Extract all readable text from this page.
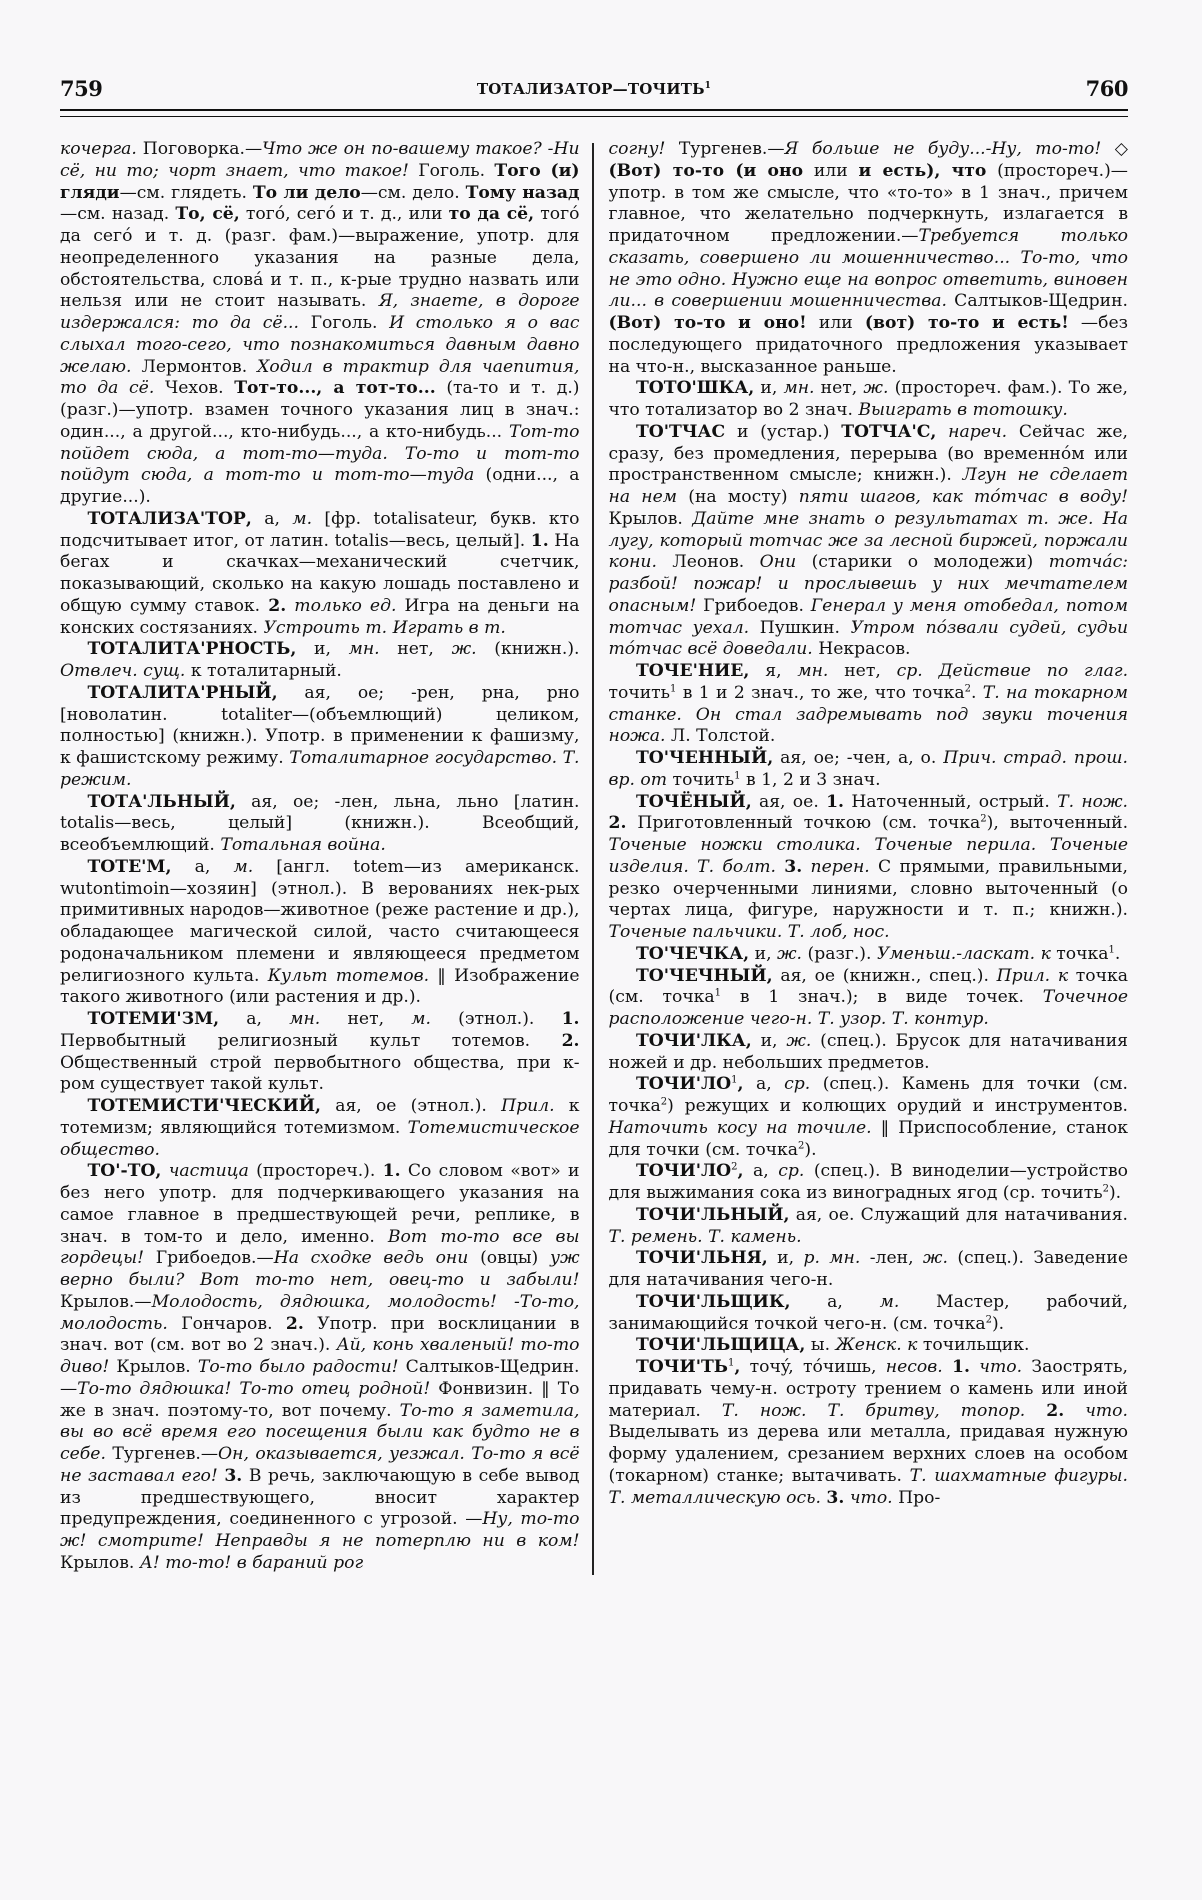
759	ТОТАЛИЗАТОР—ТОЧИТЬ$^1$	760

кочерга. Поговорка.—Что же он по-вашему такое? -Ни сё, ни то; чорт знает, что такое! Гоголь. Того (и) гляди—см. глядеть. То ли дело—см. дело. Тому назад—см. назад. То, сё, тогó, сегó и т. д., или то да сё, тогó да сегó и т. д. (разг. фам.)—выражение, употр. для неопределенного указания на разные дела, обстоятельства, словá и т. п., к-рые трудно назвать или нельзя или не стоит называть. Я, знаете, в дороге издержался: то да сё... Гоголь. И столько я о вас слыхал того-сего, что познакомиться давным давно желаю. Лермонтов. Ходил в трактир для чаепития, то да сё. Чехов. Тот-то..., а тот-то... (та-то и т. д.) (разг.)—употр. взамен точного указания лиц в знач.: один..., а другой..., кто-нибудь..., а кто-нибудь... Тот-то пойдет сюда, а тот-то—туда. То-то и тот-то пойдут сюда, а тот-то и тот-то—туда (одни..., а другие...).

ТОТАЛИЗА'ТОР, а, м. [фр. totalisateur, букв. кто подсчитывает итог, от латин. totalis—весь, целый]. 1. На бегах и скачках—механический счетчик, показывающий, сколько на какую лошадь поставлено и общую сумму ставок. 2. только ед. Игра на деньги на конских состязаниях. Устроить т. Играть в т.

ТОТАЛИТА'РНОСТЬ, и, мн. нет, ж. (книжн.). Отвлеч. сущ. к тоталитарный.

ТОТАЛИТА'РНЫЙ, ая, ое; -рен, рна, рно [новолатин. totaliter—(объемлющий) целиком, полностью] (книжн.). Употр. в применении к фашизму, к фашистскому режиму. Тоталитарное государство. Т. режим.

ТОТА'ЛЬНЫЙ, ая, ое; -лен, льна, льно [латин. totalis—весь, целый] (книжн.). Всеобщий, всеобъемлющий. Тотальная война.

ТОТЕ'М, а, м. [англ. totem—из американск. wutontimoin—хозяин] (этнол.). В верованиях нек-рых примитивных народов—животное (реже растение и др.), обладающее магической силой, часто считающееся родоначальником племени и являющееся предметом религиозного культа. Культ тотемов. ‖ Изображение такого животного (или растения и др.).

ТОТЕМИ'ЗМ, а, мн. нет, м. (этнол.). 1. Первобытный религиозный культ тотемов. 2. Общественный строй первобытного общества, при к-ром существует такой культ.

ТОТЕМИСТИ'ЧЕСКИЙ, ая, ое (этнол.). Прил. к тотемизм; являющийся тотемизмом. Тотемистическое общество.

ТО'-ТО, частица (простореч.). 1. Со словом «вот» и без него употр. для подчеркивающего указания на самое главное в предшествующей речи, реплике, в знач. в том-то и дело, именно. Вот то-то все вы гордецы! Грибоедов.—На сходке ведь они (овцы) уж верно были? Вот то-то нет, овец-то и забыли! Крылов.—Молодость, дядюшка, молодость! -То-то, молодость. Гончаров. 2. Употр. при восклицании в знач. вот (см. вот во 2 знач.). Ай, конь хваленый! то-то диво! Крылов. То-то было радости! Салтыков-Щедрин.—То-то дядюшка! То-то отец родной! Фонвизин. ‖ То же в знач. поэтому-то, вот почему. То-то я заметила, вы во всё время его посещения были как будто не в себе. Тургенев.—Он, оказывается, уезжал. То-то я всё не заставал его! 3. В речь, заключающую в себе вывод из предшествующего, вносит характер предупреждения, соединенного с угрозой. —Ну, то-то ж! смотрите! Неправды я не потерплю ни в ком! Крылов. А! то-то! в бараний рог

согну! Тургенев.—Я больше не буду...-Ну, то-то! ◇ (Вот) то-то (и оно или и есть), что (простореч.)—употр. в том же смысле, что «то-то» в 1 знач., причем главное, что желательно подчеркнуть, излагается в придаточном предложении.—Требуется только сказать, совершено ли мошенничество... То-то, что не это одно. Нужно еще на вопрос ответить, виновен ли... в совершении мошенничества. Салтыков-Щедрин. (Вот) то-то и оно! или (вот) то-то и есть! —без последующего придаточного предложения указывает на что-н., высказанное раньше.

ТОТО'ШКА, и, мн. нет, ж. (простореч. фам.). То же, что тотализатор во 2 знач. Выиграть в тотошку.

ТО'ТЧАС и (устар.) ТОТЧА'С, нареч. Сейчас же, сразу, без промедления, перерыва (во временнóм или пространственном смысле; книжн.). Лгун не сделает на нем (на мосту) пяти шагов, как тóтчас в воду! Крылов. Дайте мне знать о результатах т. же. На лугу, который тотчас же за лесной биржей, поржали кони. Леонов. Они (старики о молодежи) тотчáс: разбой! пожар! и прослывешь у них мечтателем опасным! Грибоедов. Генерал у меня отобедал, потом тотчас уехал. Пушкин. Утром пóзвали судей, судьи тóтчас всё доведали. Некрасов.

ТОЧЕ'НИЕ, я, мн. нет, ср. Действие по глаг. точить$^1$ в 1 и 2 знач., то же, что точка$^2$. Т. на токарном станке. Он стал задремывать под звуки точения ножа. Л. Толстой.

ТО'ЧЕННЫЙ, ая, ое; -чен, а, о. Прич. страд. прош. вр. от точить$^1$ в 1, 2 и 3 знач.

ТОЧЁНЫЙ, ая, ое. 1. Наточенный, острый. Т. нож. 2. Приготовленный точкою (см. точка$^2$), выточенный. Точеные ножки столика. Точеные перила. Точеные изделия. Т. болт. 3. перен. С прямыми, правильными, резко очерченными линиями, словно выточенный (о чертах лица, фигуре, наружности и т. п.; книжн.). Точеные пальчики. Т. лоб, нос.

ТО'ЧЕЧКА, и, ж. (разг.). Уменьш.-ласкат. к точка$^1$.

ТО'ЧЕЧНЫЙ, ая, ое (книжн., спец.). Прил. к точка (см. точка$^1$ в 1 знач.); в виде точек. Точечное расположение чего-н. Т. узор. Т. контур.

ТОЧИ'ЛКА, и, ж. (спец.). Брусок для натачивания ножей и др. небольших предметов.

$ТОЧИ'ЛО^1$, а, ср. (спец.). Камень для точки (см. точка$^2$) режущих и колющих орудий и инструментов. Наточить косу на точиле. ‖ Приспособление, станок для точки (см. точка$^2$).

$ТОЧИ'ЛО^2$, а, ср. (спец.). В виноделии—устройство для выжимания сока из виноградных ягод (ср. точить$^2$).

ТОЧИ'ЛЬНЫЙ, ая, ое. Служащий для натачивания. Т. ремень. Т. камень.

ТОЧИ'ЛЬНЯ, и, р. мн. -лен, ж. (спец.). Заведение для натачивания чего-н.

ТОЧИ'ЛЬЩИК, а, м. Мастер, рабочий, занимающийся точкой чего-н. (см. точка$^2$).

ТОЧИ'ЛЬЩИЦА, ы. Женск. к точильщик.

$ТОЧИ'ТЬ^1$, точý, тóчишь, несов. 1. что. Заострять, придавать чему-н. остроту трением о камень или иной материал. Т. нож. Т. бритву, топор. 2. что. Выделывать из дерева или металла, придавая нужную форму удалением, срезанием верхних слоев на особом (токарном) станке; вытачивать. Т. шахматные фигуры. Т. металлическую ось. 3. что. Про-
